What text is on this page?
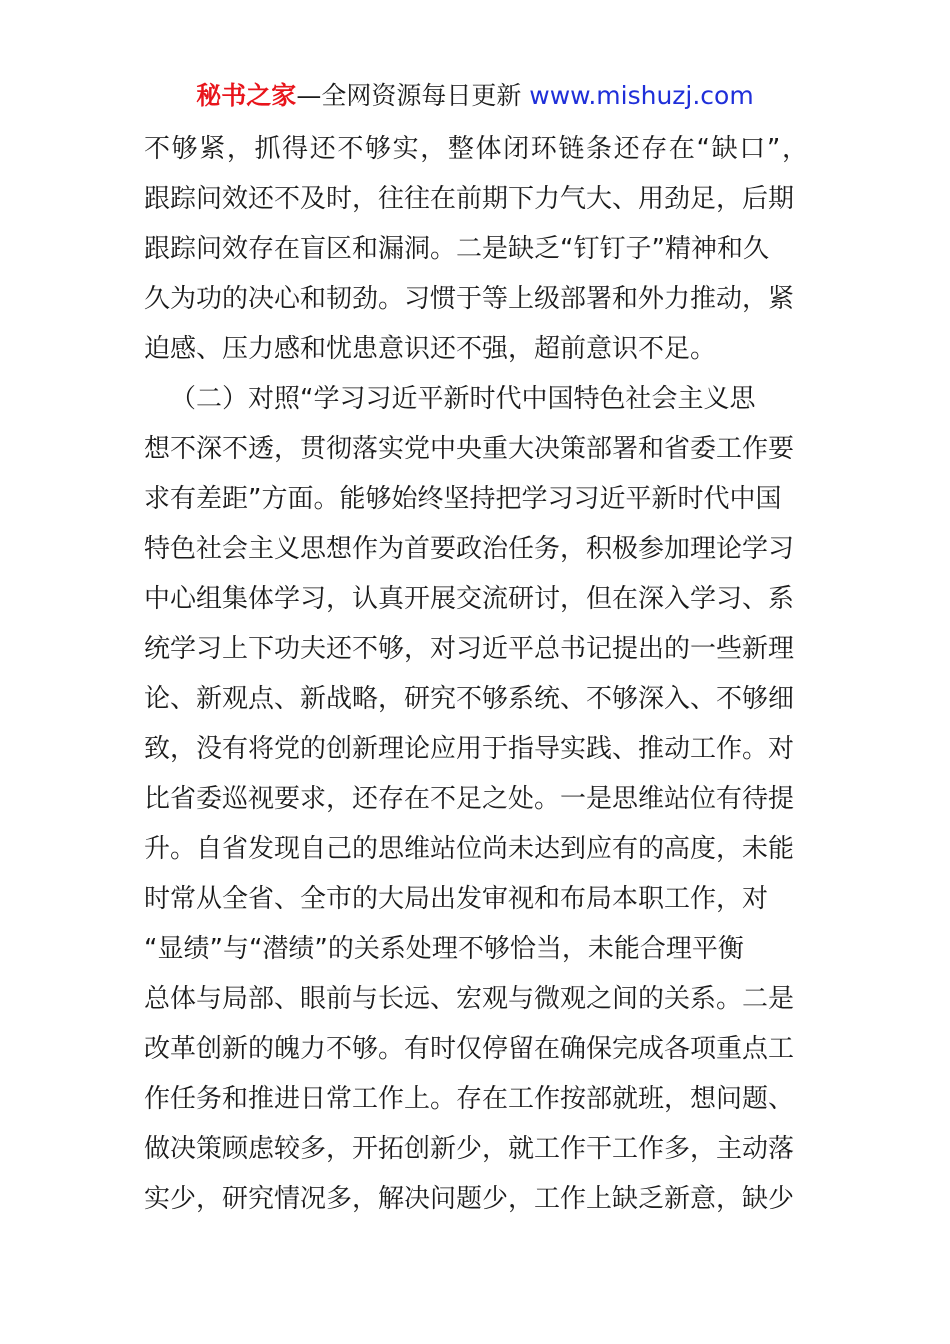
秘书之家—全网资源每日更新 www.mishuzj.com
不够紧，抓得还不够实，整体闭环链条还存在“缺口”，
跟踪问效还不及时，往往在前期下力气大、用劲足，后期
跟踪问效存在盲区和漏洞。二是缺乏“钉钉子”精神和久
久为功的决心和韧劲。习惯于等上级部署和外力推动，紧
迫感、压力感和忧患意识还不强，超前意识不足。
（二）对照“学习习近平新时代中国特色社会主义思
想不深不透，贯彻落实党中央重大决策部署和省委工作要
求有差距”方面。能够始终坚持把学习习近平新时代中国
特色社会主义思想作为首要政治任务，积极参加理论学习
中心组集体学习，认真开展交流研讨，但在深入学习、系
统学习上下功夫还不够，对习近平总书记提出的一些新理
论、新观点、新战略，研究不够系统、不够深入、不够细
致，没有将党的创新理论应用于指导实践、推动工作。对
比省委巡视要求，还存在不足之处。一是思维站位有待提
升。自省发现自己的思维站位尚未达到应有的高度，未能
时常从全省、全市的大局出发审视和布局本职工作，对
“显绩”与“潜绩”的关系处理不够恰当，未能合理平衡
总体与局部、眼前与长远、宏观与微观之间的关系。二是
改革创新的魄力不够。有时仅停留在确保完成各项重点工
作任务和推进日常工作上。存在工作按部就班，想问题、
做决策顾虑较多，开拓创新少，就工作干工作多，主动落
实少，研究情况多，解决问题少，工作上缺乏新意，缺少
